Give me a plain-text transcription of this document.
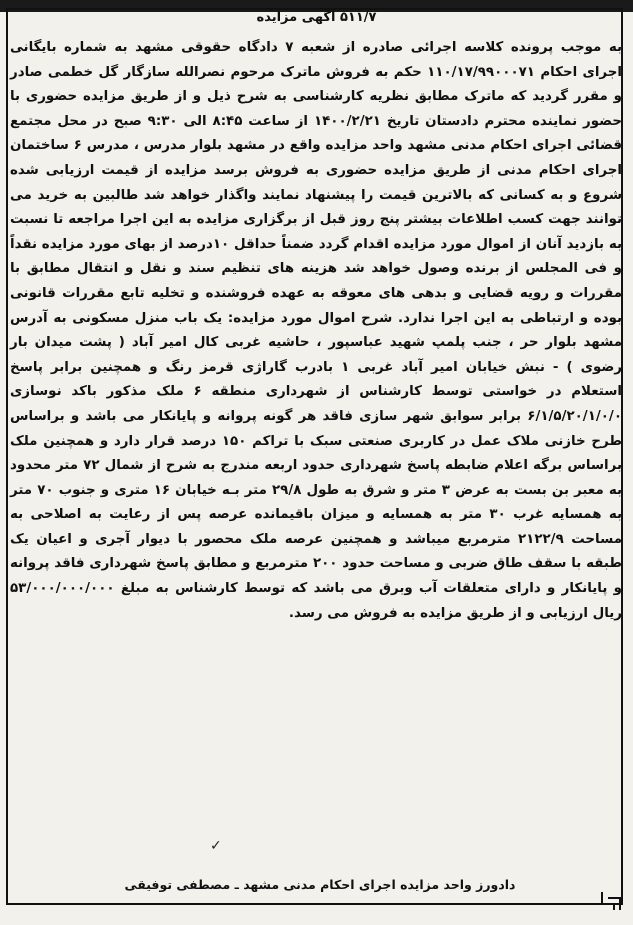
۵۱۱/۷ آگهی مزایده

به موجب پرونده کلاسه اجرائی صادره از شعبه ۷ دادگاه حقوقی مشهد به شماره بایگانی اجرای احکام ۱۱۰/۱۷/۹۹۰۰۰۷۱ حکم به فروش ماترک مرحوم نصرالله سازگار گل خطمی صادر و مقرر گردید که ماترک مطابق نظریه کارشناسی به شرح ذیل و از طریق مزایده حضوری با حضور نماینده محترم دادستان تاریخ ۱۴۰۰/۲/۲۱ از ساعت ۸:۴۵ الی ۹:۳۰ صبح در محل مجتمع قضائی اجرای احکام مدنی مشهد واحد مزایده واقع در مشهد بلوار مدرس ، مدرس ۶ ساختمان اجرای احکام مدنی از طریق مزایده حضوری به فروش برسد مزایده از قیمت ارزیابی شده شروع و به کسانی که بالاترین قیمت را پیشنهاد نمایند واگذار خواهد شد طالبین به خرید می توانند جهت کسب اطلاعات بیشتر پنج روز قبل از برگزاری مزایده به این اجرا مراجعه تا نسبت به بازدید آنان از اموال مورد مزایده اقدام گردد ضمناً حداقل ۱۰درصد از بهای مورد مزایده نقداً و فی المجلس از برنده وصول خواهد شد هزینه های تنظیم سند و نقل و انتقال مطابق با مقررات و رویه قضایی و بدهی های معوقه به عهده فروشنده و تخلیه تابع مقررات قانونی بوده و ارتباطی به این اجرا ندارد. شرح اموال مورد مزایده: یک باب منزل مسکونی به آدرس مشهد بلوار حر ، جنب پلمپ شهید عباسپور ، حاشیه غربی کال امیر آباد ( پشت میدان بار رضوی ) - نبش خیابان امیر آباد غربی ۱ بادرب گاراژی قرمز رنگ و همچنین برابر پاسخ استعلام در خواستی توسط کارشناس از شهرداری منطقه ۶ ملک مذکور باکد نوسازی ۶/۱/۵/۲۰/۱/۰/۰ برابر سوابق شهر سازی فاقد هر گونه پروانه و پایانکار می باشد و براساس طرح خازنی ملاک عمل در کاربری صنعتی سبک با تراکم ۱۵۰ درصد قرار دارد و همچنین ملک براساس برگه اعلام ضابطه پاسخ شهرداری حدود اربعه مندرج به شرح از شمال ۷۲ متر محدود به معبر بن بست به عرض ۳ متر و شرق به طول ۲۹/۸ متر بـه خیابان ۱۶ متری و جنوب ۷۰ متر به همسایه غرب ۳۰ متر به همسایه و میزان باقیمانده عرصه پس از رعایت به اصلاحی به مساحت ۲۱۲۲/۹ مترمربع میباشد و همچنین عرصه ملک محصور با دیوار آجری و اعیان یک طبقه با سقف طاق ضربی و مساحت حدود ۲۰۰ مترمربع و مطابق پاسخ شهرداری فاقد پروانه و پایانکار و دارای متعلقات آب وبرق می باشد که توسط کارشناس به مبلغ ۵۳/۰۰۰/۰۰۰/۰۰۰ ریال ارزیابی و از طریق مزایده به فروش می رسد.

✓
دادورز واحد مزایده اجرای احکام مدنی مشهد ـ مصطفی توفیقی
